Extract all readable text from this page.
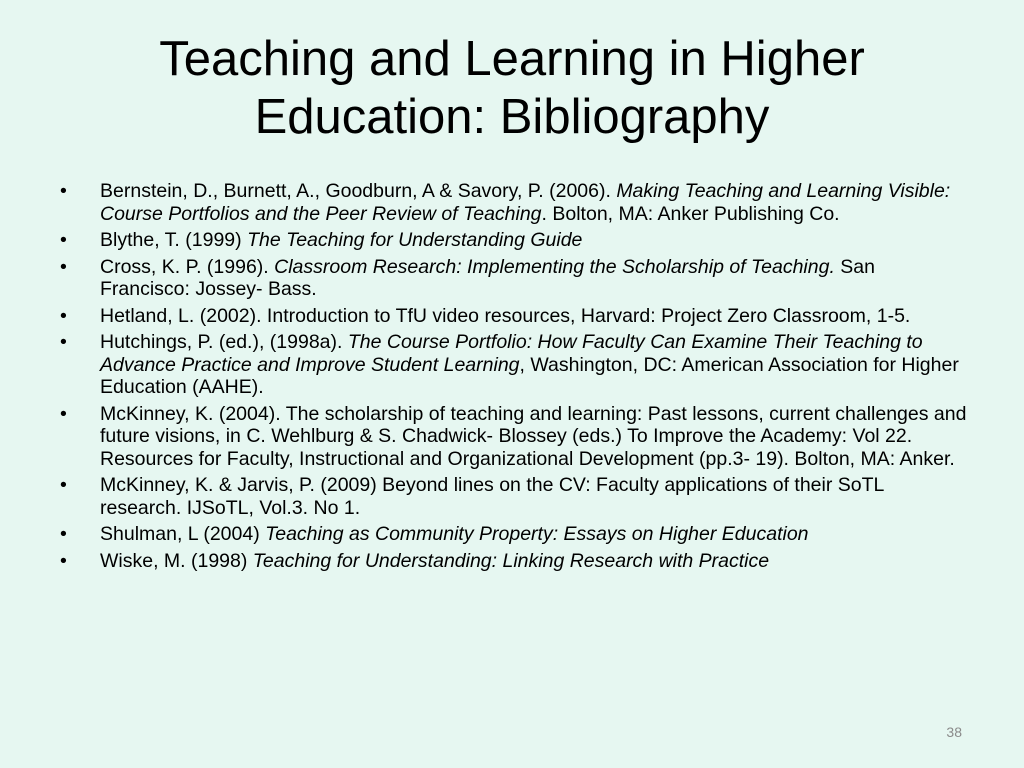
Teaching and Learning in Higher
Education: Bibliography
•	Bernstein, D., Burnett, A., Goodburn, A & Savory, P. (2006). Making Teaching and Learning Visible: Course Portfolios and the Peer Review of Teaching. Bolton, MA: Anker Publishing Co.
•	Blythe, T. (1999) The Teaching for Understanding Guide
•	Cross, K. P. (1996). Classroom Research: Implementing the Scholarship of Teaching. San Francisco: Jossey- Bass.
•	Hetland, L. (2002). Introduction to TfU video resources, Harvard: Project Zero Classroom, 1-5.
•	Hutchings, P. (ed.), (1998a). The Course Portfolio: How Faculty Can Examine Their Teaching to Advance Practice and Improve Student Learning, Washington, DC: American Association for Higher Education (AAHE).
•	McKinney, K. (2004). The scholarship of teaching and learning: Past lessons, current challenges and future visions, in C. Wehlburg & S. Chadwick- Blossey (eds.) To Improve the Academy: Vol 22. Resources for Faculty, Instructional and Organizational Development (pp.3- 19). Bolton, MA: Anker.
•	McKinney, K. & Jarvis, P. (2009) Beyond lines on the CV: Faculty applications of their SoTL research. IJSoTL, Vol.3. No 1.
•	Shulman, L (2004) Teaching as Community Property: Essays on Higher Education
•	Wiske, M. (1998) Teaching for Understanding: Linking Research with Practice
38
